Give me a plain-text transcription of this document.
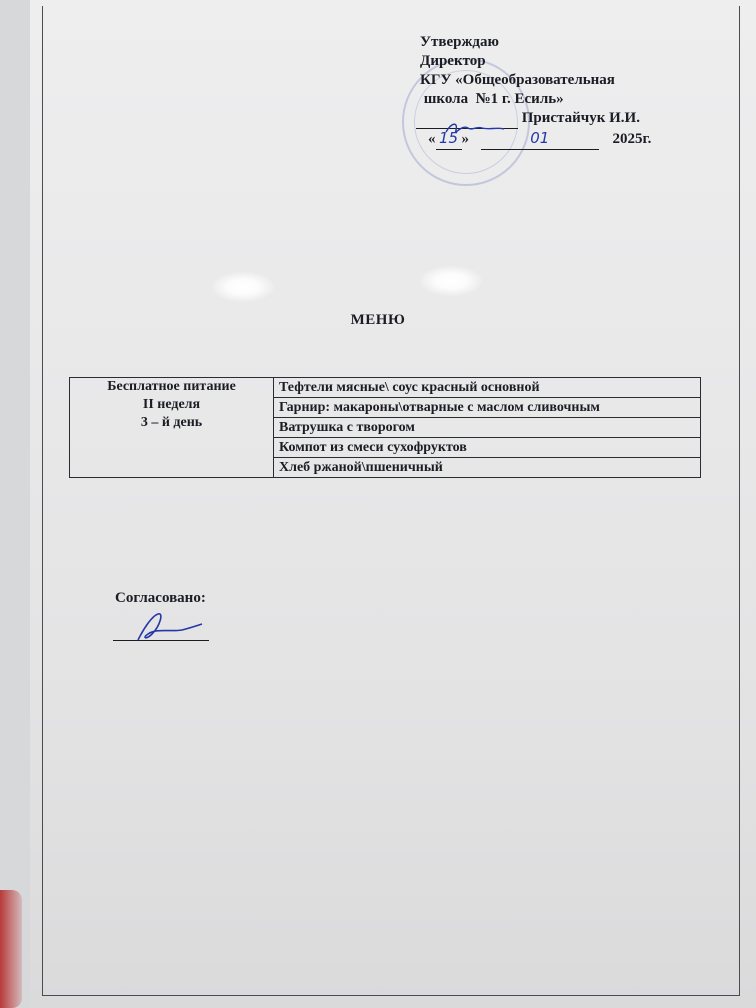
Утверждаю
Директор
КГУ «Общеобразовательная
школа  №1 г. Есиль»
Пристайчук И.И.
« 15 »	01	2025г.
МЕНЮ
Бесплатное питание
II неделя
3 – й день
	Тефтели мясные\ соус красный основной
Гарнир: макароны\отварные с маслом сливочным
Ватрушка с творогом
Компот из смеси сухофруктов
Хлеб ржаной\пшеничный
Согласовано:
